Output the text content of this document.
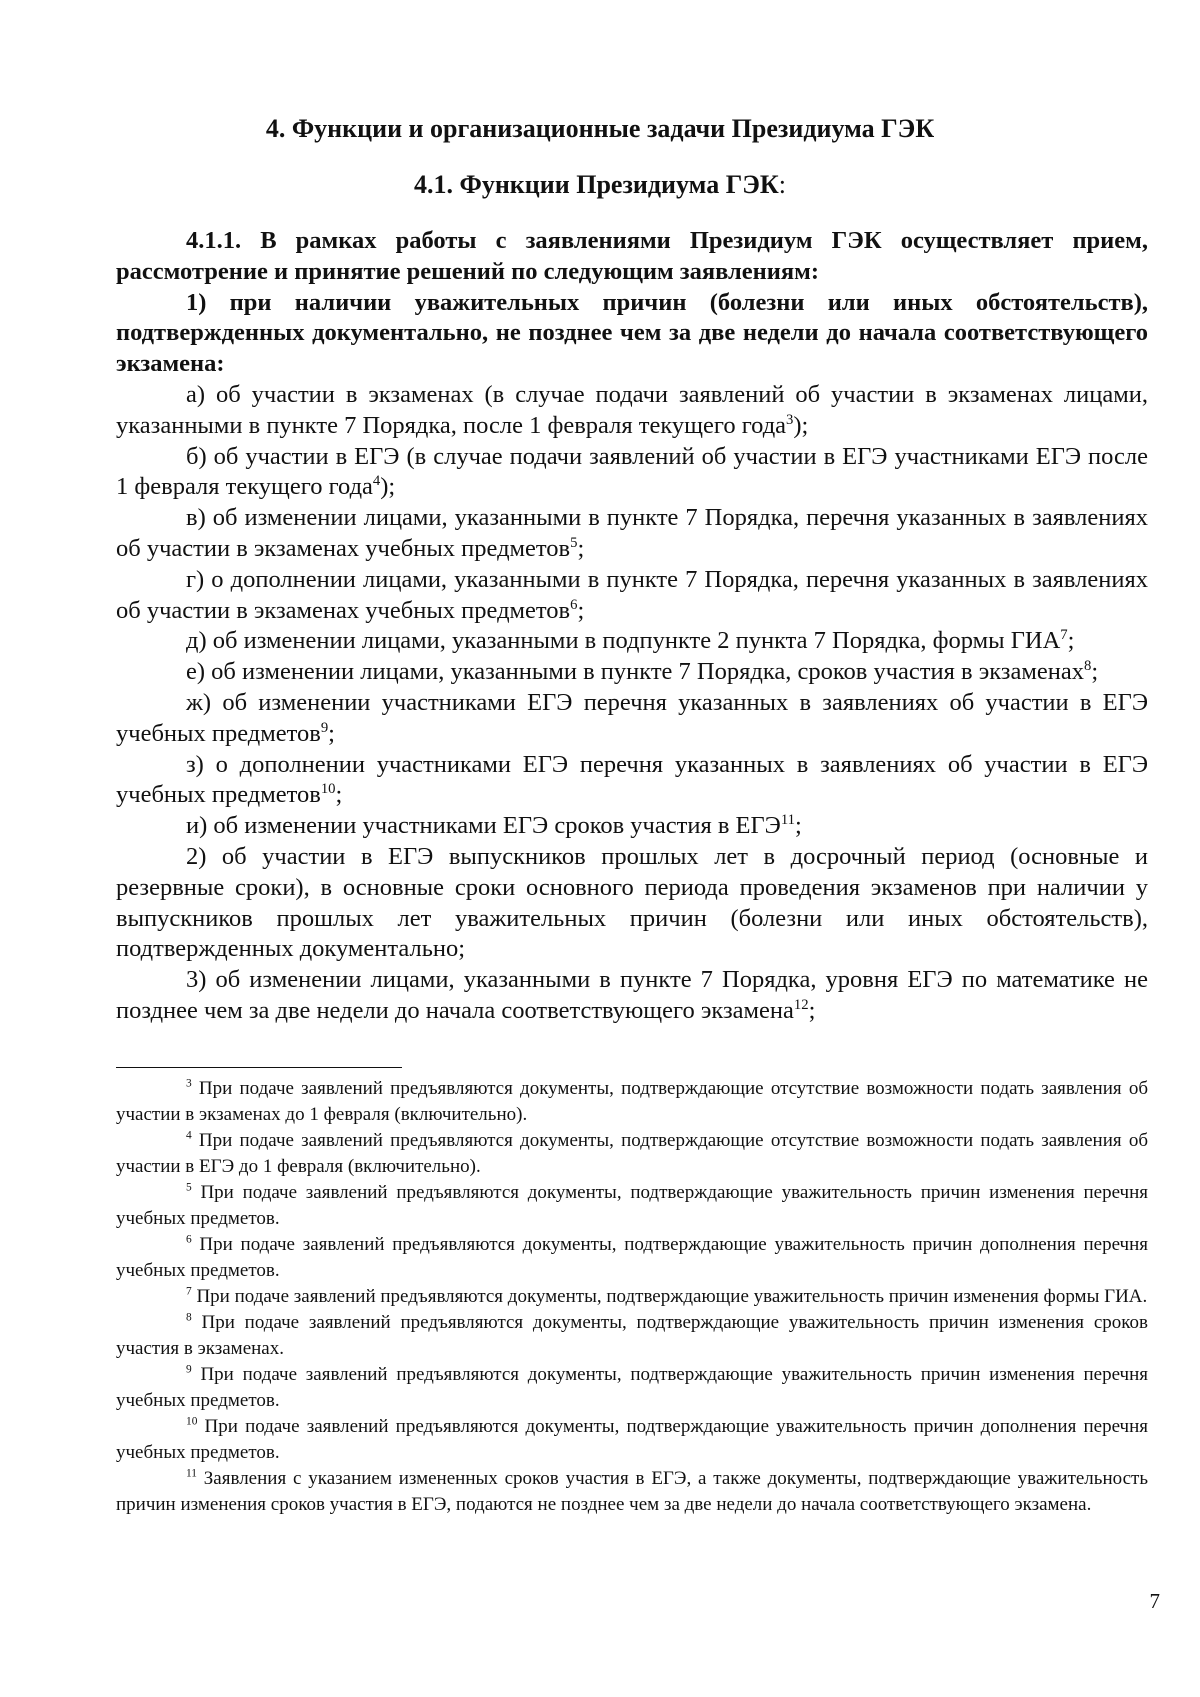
4. Функции и организационные задачи Президиума ГЭК
4.1. Функции Президиума ГЭК:

4.1.1. В рамках работы с заявлениями Президиум ГЭК осуществляет прием, рассмотрение и принятие решений по следующим заявлениям:

1) при наличии уважительных причин (болезни или иных обстоятельств), подтвержденных документально, не позднее чем за две недели до начала соответствующего экзамена:

а) об участии в экзаменах (в случае подачи заявлений об участии в экзаменах лицами, указанными в пункте 7 Порядка, после 1 февраля текущего года$^3$);

б) об участии в ЕГЭ (в случае подачи заявлений об участии в ЕГЭ участниками ЕГЭ после 1 февраля текущего года$^4$);

в) об изменении лицами, указанными в пункте 7 Порядка, перечня указанных в заявлениях об участии в экзаменах учебных предметов$^5$;

г) о дополнении лицами, указанными в пункте 7 Порядка, перечня указанных в заявлениях об участии в экзаменах учебных предметов$^6$;

д) об изменении лицами, указанными в подпункте 2 пункта 7 Порядка, формы ГИА$^7$;

е) об изменении лицами, указанными в пункте 7 Порядка, сроков участия в экзаменах$^8$;

ж) об изменении участниками ЕГЭ перечня указанных в заявлениях об участии в ЕГЭ учебных предметов$^9$;

з) о дополнении участниками ЕГЭ перечня указанных в заявлениях об участии в ЕГЭ учебных предметов$^{10}$;

и) об изменении участниками ЕГЭ сроков участия в ЕГЭ$^{11}$;

2) об участии в ЕГЭ выпускников прошлых лет в досрочный период (основные и резервные сроки), в основные сроки основного периода проведения экзаменов при наличии у выпускников прошлых лет уважительных причин (болезни или иных обстоятельств), подтвержденных документально;

3) об изменении лицами, указанными в пункте 7 Порядка, уровня ЕГЭ по математике не позднее чем за две недели до начала соответствующего экзамена$^{12}$;

$^3$ При подаче заявлений предъявляются документы, подтверждающие отсутствие возможности подать заявления об участии в экзаменах до 1 февраля (включительно).

$^4$ При подаче заявлений предъявляются документы, подтверждающие отсутствие возможности подать заявления об участии в ЕГЭ до 1 февраля (включительно).

$^5$ При подаче заявлений предъявляются документы, подтверждающие уважительность причин изменения перечня учебных предметов.

$^6$ При подаче заявлений предъявляются документы, подтверждающие уважительность причин дополнения перечня учебных предметов.

$^7$ При подаче заявлений предъявляются документы, подтверждающие уважительность причин изменения формы ГИА.

$^8$ При подаче заявлений предъявляются документы, подтверждающие уважительность причин изменения сроков участия в экзаменах.

$^9$ При подаче заявлений предъявляются документы, подтверждающие уважительность причин изменения перечня учебных предметов.

$^{10}$ При подаче заявлений предъявляются документы, подтверждающие уважительность причин дополнения перечня учебных предметов.

$^{11}$ Заявления с указанием измененных сроков участия в ЕГЭ, а также документы, подтверждающие уважительность причин изменения сроков участия в ЕГЭ, подаются не позднее чем за две недели до начала соответствующего экзамена.

7
